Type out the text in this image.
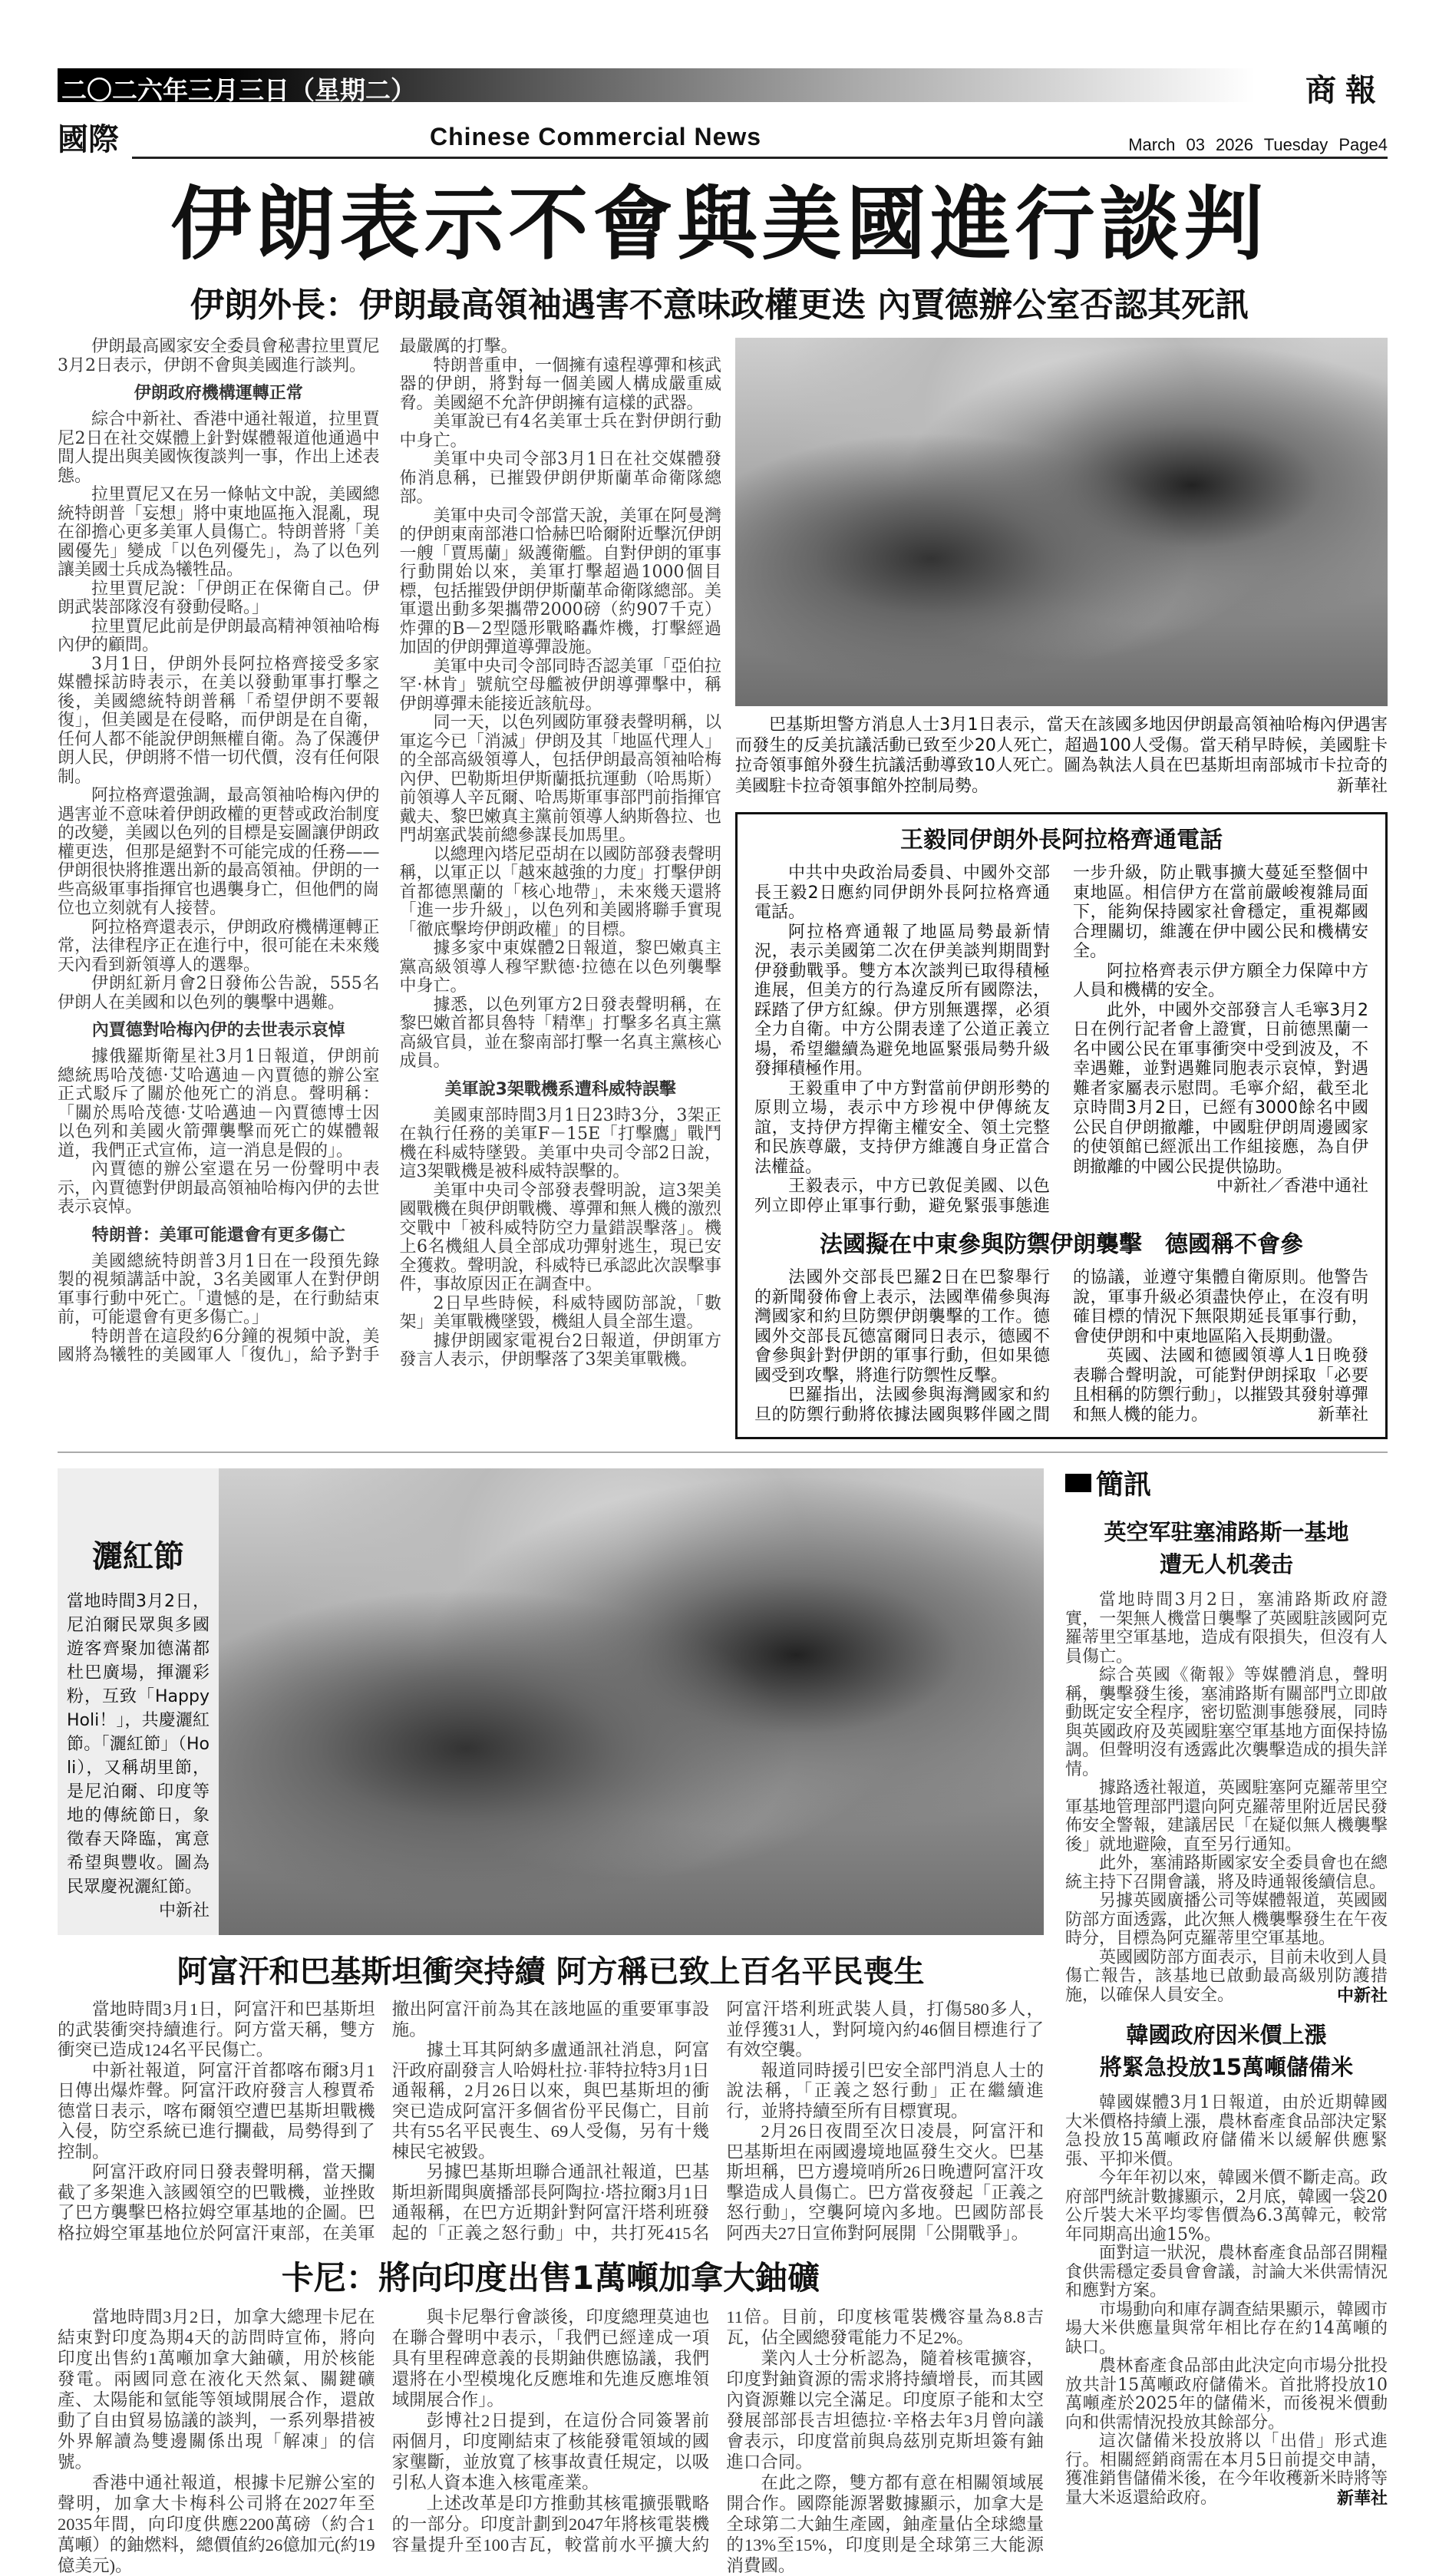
二〇二六年三月三日（星期二）	商報
國際	Chinese Commercial News	March 03 2026 Tuesday Page4
伊朗表示不會與美國進行談判
伊朗外長：伊朗最高領袖遇害不意味政權更迭 內賈德辦公室否認其死訊

伊朗最高國家安全委員會秘書拉里賈尼3月2日表示，伊朗不會與美國進行談判。

伊朗政府機構運轉正常

綜合中新社、香港中通社報道，拉里賈尼2日在社交媒體上針對媒體報道他通過中間人提出與美國恢復談判一事，作出上述表態。

拉里賈尼又在另一條帖文中說，美國總統特朗普「妄想」將中東地區拖入混亂，現在卻擔心更多美軍人員傷亡。特朗普將「美國優先」變成「以色列優先」，為了以色列讓美國士兵成為犧牲品。

拉里賈尼說：「伊朗正在保衛自己。伊朗武裝部隊沒有發動侵略。」

拉里賈尼此前是伊朗最高精神領袖哈梅內伊的顧問。

3月1日，伊朗外長阿拉格齊接受多家媒體採訪時表示，在美以發動軍事打擊之後，美國總統特朗普稱「希望伊朗不要報復」，但美國是在侵略，而伊朗是在自衛，任何人都不能說伊朗無權自衛。為了保護伊朗人民，伊朗將不惜一切代價，沒有任何限制。

阿拉格齊還強調，最高領袖哈梅內伊的遇害並不意味着伊朗政權的更替或政治制度的改變，美國以色列的目標是妄圖讓伊朗政權更迭，但那是絕對不可能完成的任務——伊朗很快將推選出新的最高領袖。伊朗的一些高級軍事指揮官也遇襲身亡，但他們的崗位也立刻就有人接替。

阿拉格齊還表示，伊朗政府機構運轉正常，法律程序正在進行中，很可能在未來幾天內看到新領導人的選舉。

伊朗紅新月會2日發佈公告說，555名伊朗人在美國和以色列的襲擊中遇難。

內賈德對哈梅內伊的去世表示哀悼

據俄羅斯衛星社3月1日報道，伊朗前總統馬哈茂德·艾哈邁迪－內賈德的辦公室正式駁斥了關於他死亡的消息。聲明稱：「關於馬哈茂德·艾哈邁迪－內賈德博士因以色列和美國火箭彈襲擊而死亡的媒體報道，我們正式宣佈，這一消息是假的」。

內賈德的辦公室還在另一份聲明中表示，內賈德對伊朗最高領袖哈梅內伊的去世表示哀悼。

特朗普：美軍可能還會有更多傷亡

美國總統特朗普3月1日在一段預先錄製的視頻講話中說，3名美國軍人在對伊朗軍事行動中死亡。「遺憾的是，在行動結束前，可能還會有更多傷亡。」

特朗普在這段約6分鐘的視頻中說，美國將為犧牲的美國軍人「復仇」，給予對手最嚴厲的打擊。

特朗普重申，一個擁有遠程導彈和核武器的伊朗，將對每一個美國人構成嚴重威脅。美國絕不允許伊朗擁有這樣的武器。

美軍說已有4名美軍士兵在對伊朗行動中身亡。

美軍中央司令部3月1日在社交媒體發佈消息稱，已摧毀伊朗伊斯蘭革命衛隊總部。

美軍中央司令部當天說，美軍在阿曼灣的伊朗東南部港口恰赫巴哈爾附近擊沉伊朗一艘「賈馬蘭」級護衛艦。自對伊朗的軍事行動開始以來，美軍打擊超過1000個目標，包括摧毀伊朗伊斯蘭革命衛隊總部。美軍還出動多架攜帶2000磅（約907千克）炸彈的B－2型隱形戰略轟炸機，打擊經過加固的伊朗彈道導彈設施。

美軍中央司令部同時否認美軍「亞伯拉罕·林肯」號航空母艦被伊朗導彈擊中，稱伊朗導彈未能接近該航母。

同一天，以色列國防軍發表聲明稱，以軍迄今已「消滅」伊朗及其「地區代理人」的全部高級領導人，包括伊朗最高領袖哈梅內伊、巴勒斯坦伊斯蘭抵抗運動（哈馬斯）前領導人辛瓦爾、哈馬斯軍事部門前指揮官戴夫、黎巴嫩真主黨前領導人納斯魯拉、也門胡塞武裝前總參謀長加馬里。

以總理內塔尼亞胡在以國防部發表聲明稱，以軍正以「越來越強的力度」打擊伊朗首都德黑蘭的「核心地帶」，未來幾天還將「進一步升級」，以色列和美國將聯手實現「徹底擊垮伊朗政權」的目標。

據多家中東媒體2日報道，黎巴嫩真主黨高級領導人穆罕默德·拉德在以色列襲擊中身亡。

據悉，以色列軍方2日發表聲明稱，在黎巴嫩首都貝魯特「精準」打擊多名真主黨高級官員，並在黎南部打擊一名真主黨核心成員。

美軍說3架戰機系遭科威特誤擊

美國東部時間3月1日23時3分，3架正在執行任務的美軍F－15E「打擊鷹」戰鬥機在科威特墜毀。美軍中央司令部2日說，這3架戰機是被科威特誤擊的。

美軍中央司令部發表聲明說，這3架美國戰機在與伊朗戰機、導彈和無人機的激烈交戰中「被科威特防空力量錯誤擊落」。機上6名機組人員全部成功彈射逃生，現已安全獲救。聲明說，科威特已承認此次誤擊事件，事故原因正在調查中。

2日早些時候，科威特國防部說，「數架」美軍戰機墜毀，機組人員全部生還。

據伊朗國家電視台2日報道，伊朗軍方發言人表示，伊朗擊落了3架美軍戰機。

巴基斯坦警方消息人士3月1日表示，當天在該國多地因伊朗最高領袖哈梅內伊遇害而發生的反美抗議活動已致至少20人死亡，超過100人受傷。當天稍早時候，美國駐卡拉奇領事館外發生抗議活動導致10人死亡。圖為執法人員在巴基斯坦南部城市卡拉奇的美國駐卡拉奇領事館外控制局勢。	新華社
王毅同伊朗外長阿拉格齊通電話

中共中央政治局委員、中國外交部長王毅2日應約同伊朗外長阿拉格齊通電話。

阿拉格齊通報了地區局勢最新情況，表示美國第二次在伊美談判期間對伊發動戰爭。雙方本次談判已取得積極進展，但美方的行為違反所有國際法，踩踏了伊方紅線。伊方別無選擇，必須全力自衛。中方公開表達了公道正義立場，希望繼續為避免地區緊張局勢升級發揮積極作用。

王毅重申了中方對當前伊朗形勢的原則立場，表示中方珍視中伊傳統友誼，支持伊方捍衛主權安全、領土完整和民族尊嚴，支持伊方維護自身正當合法權益。

王毅表示，中方已敦促美國、以色列立即停止軍事行動，避免緊張事態進一步升級，防止戰事擴大蔓延至整個中東地區。相信伊方在當前嚴峻複雜局面下，能夠保持國家社會穩定，重視鄰國合理關切，維護在伊中國公民和機構安全。

阿拉格齊表示伊方願全力保障中方人員和機構的安全。

此外，中國外交部發言人毛寧3月2日在例行記者會上證實，日前德黑蘭一名中國公民在軍事衝突中受到波及，不幸遇難，並對遇難同胞表示哀悼，對遇難者家屬表示慰問。毛寧介紹，截至北京時間3月2日，已經有3000餘名中國公民自伊朗撤離，中國駐伊朗周邊國家的使領館已經派出工作組接應，為自伊朗撤離的中國公民提供協助。
中新社／香港中通社

法國擬在中東參與防禦伊朗襲擊　德國稱不會參

法國外交部長巴羅2日在巴黎舉行的新聞發佈會上表示，法國準備參與海灣國家和約旦防禦伊朗襲擊的工作。德國外交部長瓦德富爾同日表示，德國不會參與針對伊朗的軍事行動，但如果德國受到攻擊，將進行防禦性反擊。

巴羅指出，法國參與海灣國家和約旦的防禦行動將依據法國與夥伴國之間的協議，並遵守集體自衛原則。他警告說，軍事升級必須盡快停止，在沒有明確目標的情況下無限期延長軍事行動，會使伊朗和中東地區陷入長期動盪。

英國、法國和德國領導人1日晚發表聯合聲明說，可能對伊朗採取「必要且相稱的防禦行動」，以摧毀其發射導彈和無人機的能力。	新華社

灑紅節
當地時間3月2日，尼泊爾民眾與多國遊客齊聚加德滿都杜巴廣場，揮灑彩粉，互致「HappyHoli！」，共慶灑紅節。「灑紅節」（Holi），又稱胡里節，是尼泊爾、印度等地的傳統節日，象徵春天降臨，寓意希望與豐收。圖為民眾慶祝灑紅節。
中新社
阿富汗和巴基斯坦衝突持續 阿方稱已致上百名平民喪生

當地時間3月1日，阿富汗和巴基斯坦的武裝衝突持續進行。阿方當天稱，雙方衝突已造成124名平民傷亡。

中新社報道，阿富汗首都喀布爾3月1日傳出爆炸聲。阿富汗政府發言人穆賈希德當日表示，喀布爾領空遭巴基斯坦戰機入侵，防空系統已進行攔截，局勢得到了控制。

阿富汗政府同日發表聲明稱，當天攔截了多架進入該國領空的巴戰機，並挫敗了巴方襲擊巴格拉姆空軍基地的企圖。巴格拉姆空軍基地位於阿富汗東部，在美軍撤出阿富汗前為其在該地區的重要軍事設施。

據土耳其阿納多盧通訊社消息，阿富汗政府副發言人哈姆杜拉·菲特拉特3月1日通報稱，2月26日以來，與巴基斯坦的衝突已造成阿富汗多個省份平民傷亡，目前共有55名平民喪生、69人受傷，另有十幾棟民宅被毀。

另據巴基斯坦聯合通訊社報道，巴基斯坦新聞與廣播部長阿陶拉·塔拉爾3月1日通報稱，在巴方近期針對阿富汗塔利班發起的「正義之怒行動」中，共打死415名阿富汗塔利班武裝人員，打傷580多人，並俘獲31人，對阿境內約46個目標進行了有效空襲。

報道同時援引巴安全部門消息人士的說法稱，「正義之怒行動」正在繼續進行，並將持續至所有目標實現。

2月26日夜間至次日凌晨，阿富汗和巴基斯坦在兩國邊境地區發生交火。巴基斯坦稱，巴方邊境哨所26日晚遭阿富汗攻擊造成人員傷亡。巴方當夜發起「正義之怒行動」，空襲阿境內多地。巴國防部長阿西夫27日宣佈對阿展開「公開戰爭」。

卡尼：將向印度出售1萬噸加拿大鈾礦

當地時間3月2日，加拿大總理卡尼在結束對印度為期4天的訪問時宣佈，將向印度出售約1萬噸加拿大鈾礦，用於核能發電。兩國同意在液化天然氣、關鍵礦產、太陽能和氫能等領域開展合作，還啟動了自由貿易協議的談判，一系列舉措被外界解讀為雙邊關係出現「解凍」的信號。

香港中通社報道，根據卡尼辦公室的聲明，加拿大卡梅科公司將在2027年至2035年間，向印度供應2200萬磅（約合1萬噸）的鈾燃料，總價值約26億加元(約19億美元)。

與卡尼舉行會談後，印度總理莫迪也在聯合聲明中表示，「我們已經達成一項具有里程碑意義的長期鈾供應協議，我們還將在小型模塊化反應堆和先進反應堆領域開展合作」。

彭博社2日提到，在這份合同簽署前兩個月，印度剛結束了核能發電領域的國家壟斷，並放寬了核事故責任規定，以吸引私人資本進入核電產業。

上述改革是印方推動其核電擴張戰略的一部分。印度計劃到2047年將核電裝機容量提升至100吉瓦，較當前水平擴大約11倍。目前，印度核電裝機容量為8.8吉瓦，佔全國總發電能力不足2%。

業內人士分析認為，隨着核電擴容，印度對鈾資源的需求將持續增長，而其國內資源難以完全滿足。印度原子能和太空發展部部長吉坦德拉·辛格去年3月曾向議會表示，印度當前與烏茲別克斯坦簽有鈾進口合同。

在此之際，雙方都有意在相關領域展開合作。國際能源署數據顯示，加拿大是全球第二大鈾生產國，鈾產量佔全球總量的13%至15%，印度則是全球第三大能源消費國。

簡訊
英空军驻塞浦路斯一基地
遭无人机袭击

當地時間3月2日，塞浦路斯政府證實，一架無人機當日襲擊了英國駐該國阿克羅蒂里空軍基地，造成有限損失，但沒有人員傷亡。

綜合英國《衛報》等媒體消息，聲明稱，襲擊發生後，塞浦路斯有關部門立即啟動既定安全程序，密切監測事態發展，同時與英國政府及英國駐塞空軍基地方面保持協調。但聲明沒有透露此次襲擊造成的損失詳情。

據路透社報道，英國駐塞阿克羅蒂里空軍基地管理部門還向阿克羅蒂里附近居民發佈安全警報，建議居民「在疑似無人機襲擊後」就地避險，直至另行通知。

此外，塞浦路斯國家安全委員會也在總統主持下召開會議，將及時通報後續信息。

另據英國廣播公司等媒體報道，英國國防部方面透露，此次無人機襲擊發生在午夜時分，目標為阿克羅蒂里空軍基地。

英國國防部方面表示，目前未收到人員傷亡報告，該基地已啟動最高級別防護措施，以確保人員安全。	中新社

韓國政府因米價上漲
將緊急投放15萬噸儲備米

韓國媒體3月1日報道，由於近期韓國大米價格持續上漲，農林畜產食品部決定緊急投放15萬噸政府儲備米以緩解供應緊張、平抑米價。

今年年初以來，韓國米價不斷走高。政府部門統計數據顯示，2月底，韓國一袋20公斤裝大米平均零售價為6.3萬韓元，較常年同期高出逾15%。

面對這一狀況，農林畜產食品部召開糧食供需穩定委員會會議，討論大米供需情況和應對方案。

市場動向和庫存調查結果顯示，韓國市場大米供應量與常年相比存在約14萬噸的缺口。

農林畜產食品部由此決定向市場分批投放共計15萬噸政府儲備米。首批將投放10萬噸產於2025年的儲備米，而後視米價動向和供需情況投放其餘部分。

這次儲備米投放將以「出借」形式進行。相關經銷商需在本月5日前提交申請，獲准銷售儲備米後，在今年收穫新米時將等量大米返還給政府。	新華社
